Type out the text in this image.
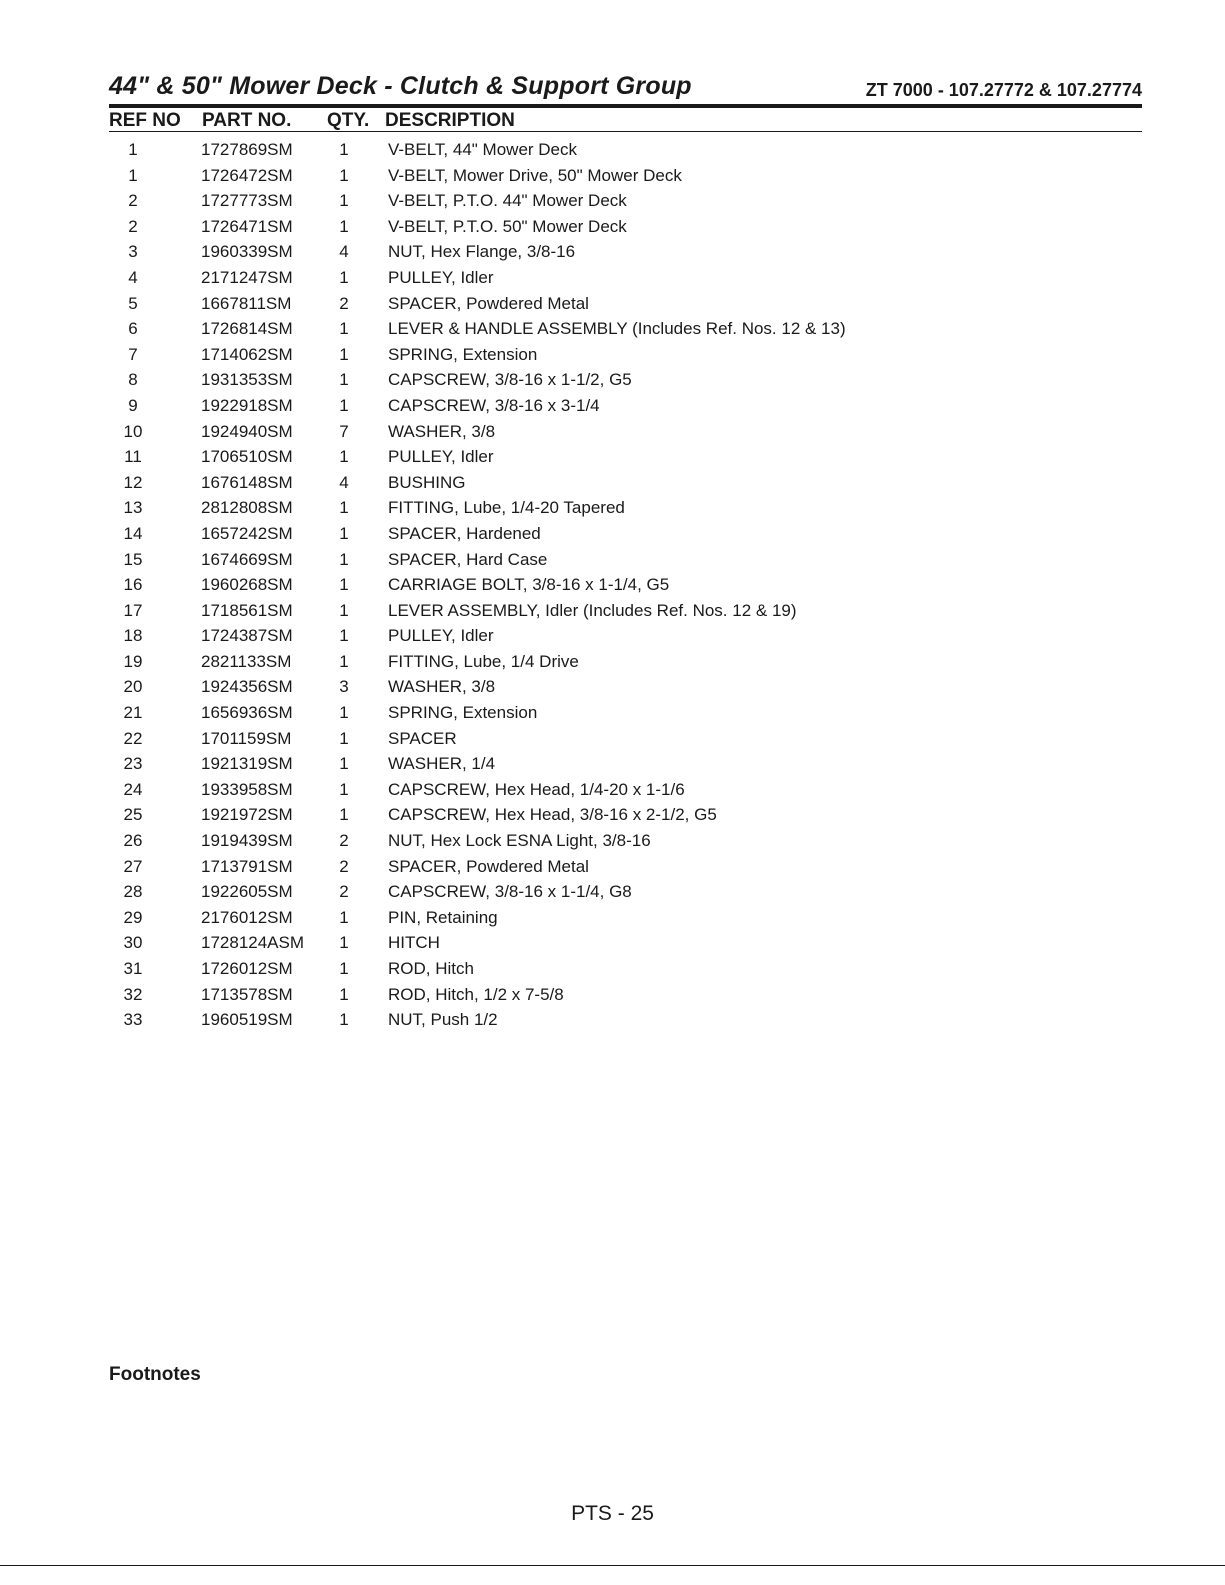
44" & 50" Mower Deck - Clutch & Support Group	ZT 7000 - 107.27772 & 107.27774
REF NO PART NO. QTY. DESCRIPTION
1	1727869SM	1 V-BELT, 44" Mower Deck
1	1726472SM	1 V-BELT, Mower Drive, 50" Mower Deck
2	1727773SM	1 V-BELT, P.T.O. 44" Mower Deck
2	1726471SM	1 V-BELT, P.T.O. 50" Mower Deck
3	1960339SM	4 NUT, Hex Flange, 3/8-16
4	2171247SM	1 PULLEY, Idler
5	1667811SM	2 SPACER, Powdered Metal
6	1726814SM	1 LEVER & HANDLE ASSEMBLY (Includes Ref. Nos. 12 & 13)
7	1714062SM	1 SPRING, Extension
8	1931353SM	1 CAPSCREW, 3/8-16 x 1-1/2, G5
9	1922918SM	1 CAPSCREW, 3/8-16 x 3-1/4
10	1924940SM	7 WASHER, 3/8
11	1706510SM	1 PULLEY, Idler
12	1676148SM	4 BUSHING
13	2812808SM	1 FITTING, Lube, 1/4-20 Tapered
14	1657242SM	1 SPACER, Hardened
15	1674669SM	1 SPACER, Hard Case
16	1960268SM	1 CARRIAGE BOLT, 3/8-16 x 1-1/4, G5
17	1718561SM	1 LEVER ASSEMBLY, Idler (Includes Ref. Nos. 12 & 19)
18	1724387SM	1 PULLEY, Idler
19	2821133SM	1 FITTING, Lube, 1/4 Drive
20	1924356SM	3 WASHER, 3/8
21	1656936SM	1 SPRING, Extension
22	1701159SM	1 SPACER
23	1921319SM	1 WASHER, 1/4
24	1933958SM	1 CAPSCREW, Hex Head, 1/4-20 x 1-1/6
25	1921972SM	1 CAPSCREW, Hex Head, 3/8-16 x 2-1/2, G5
26	1919439SM	2 NUT, Hex Lock ESNA Light, 3/8-16
27	1713791SM	2 SPACER, Powdered Metal
28	1922605SM	2 CAPSCREW, 3/8-16 x 1-1/4, G8
29	2176012SM	1 PIN, Retaining
30	1728124ASM 1 HITCH
31	1726012SM	1 ROD, Hitch
32	1713578SM	1 ROD, Hitch, 1/2 x 7-5/8
33	1960519SM	1 NUT, Push 1/2
Footnotes
PTS - 25
